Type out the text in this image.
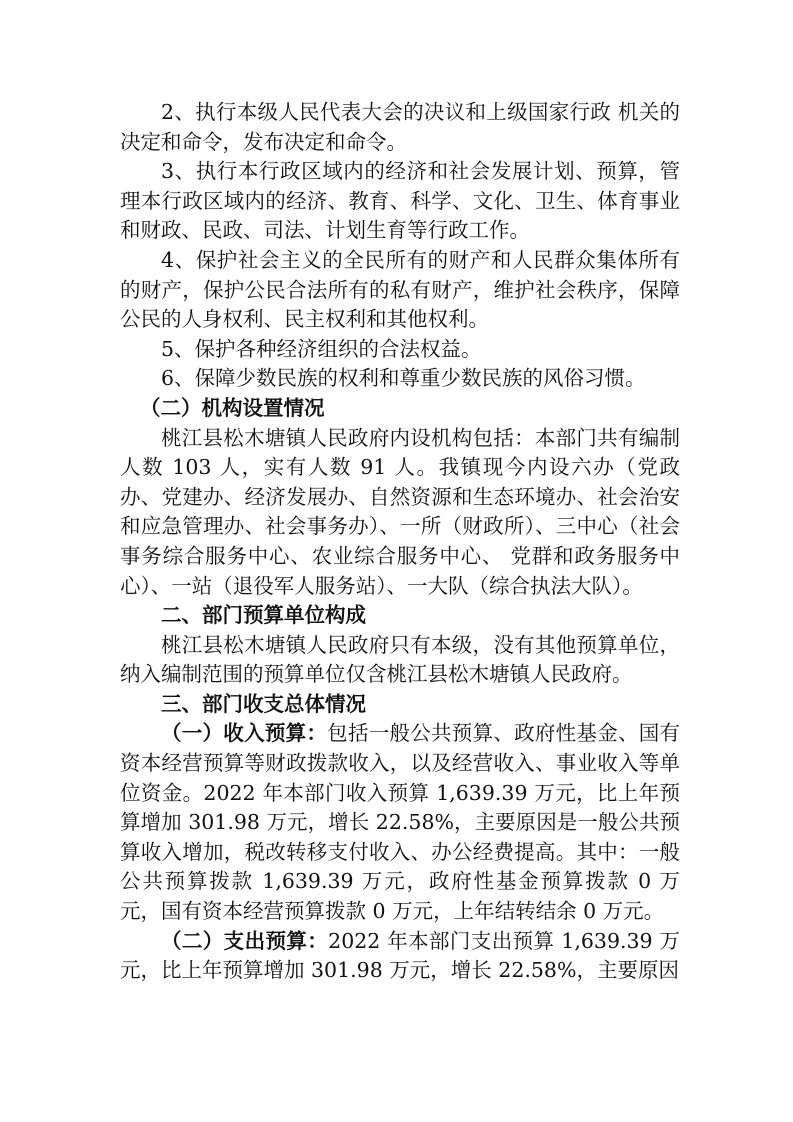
2、执行本级人民代表大会的决议和上级国家行政 机关的决定和命令，发布决定和命令。

3、执行本行政区域内的经济和社会发展计划、预算，管理本行政区域内的经济、教育、科学、文化、卫生、体育事业和财政、民政、司法、计划生育等行政工作。

4、保护社会主义的全民所有的财产和人民群众集体所有的财产，保护公民合法所有的私有财产，维护社会秩序，保障公民的人身权利、民主权利和其他权利。

5、保护各种经济组织的合法权益。

6、保障少数民族的权利和尊重少数民族的风俗习惯。

（二）机构设置情况

桃江县松木塘镇人民政府内设机构包括：本部门共有编制人数 103 人，实有人数 91 人。我镇现今内设六办（党政办、党建办、经济发展办、自然资源和生态环境办、社会治安和应急管理办、社会事务办）、一所（财政所）、三中心（社会事务综合服务中心、农业综合服务中心、 党群和政务服务中心）、一站（退役军人服务站）、一大队（综合执法大队）。

二、部门预算单位构成

桃江县松木塘镇人民政府只有本级，没有其他预算单位，纳入编制范围的预算单位仅含桃江县松木塘镇人民政府。

三、部门收支总体情况

（一）收入预算：包括一般公共预算、政府性基金、国有资本经营预算等财政拨款收入，以及经营收入、事业收入等单位资金。2022 年本部门收入预算 1,639.39 万元，比上年预算增加 301.98 万元，增长 22.58%，主要原因是一般公共预算收入增加，税改转移支付收入、办公经费提高。其中：一般公共预算拨款 1,639.39 万元，政府性基金预算拨款 0 万元，国有资本经营预算拨款 0 万元，上年结转结余 0 万元。

（二）支出预算：2022 年本部门支出预算 1,639.39 万元，比上年预算增加 301.98 万元，增长 22.58%，主要原因
